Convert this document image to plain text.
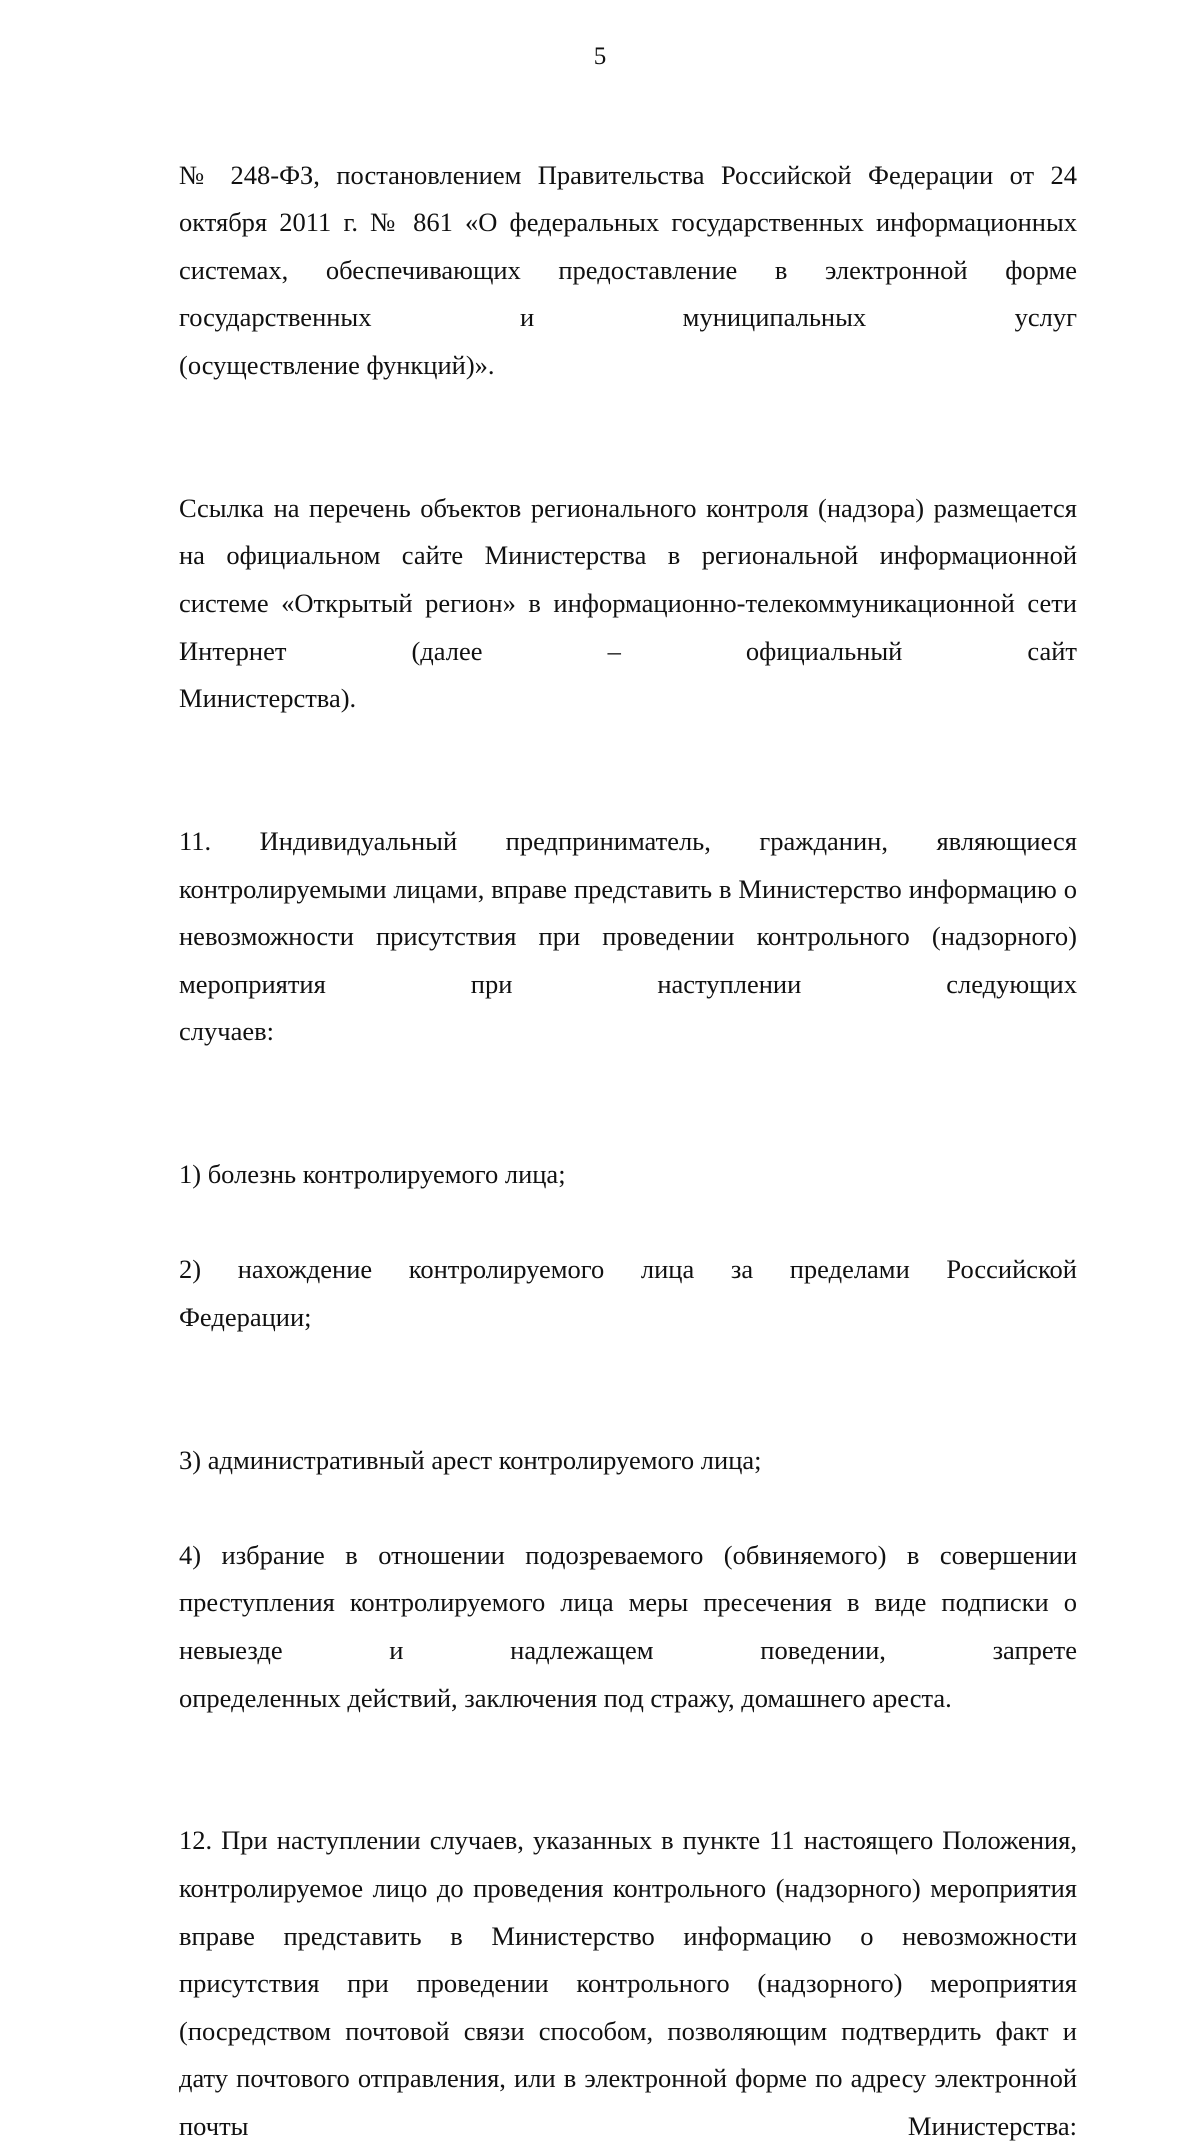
5

№ 248-ФЗ, постановлением Правительства Российской Федерации от 24 октября 2011 г. № 861 «О федеральных государственных информационных системах, обеспечивающих предоставление в электронной форме государственных и муниципальных услуг

(осуществление функций)».

Ссылка на перечень объектов регионального контроля (надзора) размещается на официальном сайте Министерства в региональной информационной системе «Открытый регион» в информационно-телекоммуникационной сети Интернет (далее – официальный сайт

Министерства).

11. Индивидуальный предприниматель, гражданин, являющиеся контролируемыми лицами, вправе представить в Министерство информацию о невозможности присутствия при проведении контрольного (надзорного) мероприятия при наступлении следующих

случаев:

1) болезнь контролируемого лица;

2) нахождение контролируемого лица за пределами Российской

Федерации;

3) административный арест контролируемого лица;

4) избрание в отношении подозреваемого (обвиняемого) в совершении преступления контролируемого лица меры пресечения в виде подписки о невыезде и надлежащем поведении, запрете

определенных действий, заключения под стражу, домашнего ареста.

12. При наступлении случаев, указанных в пункте 11 настоящего Положения, контролируемое лицо до проведения контрольного (надзорного) мероприятия вправе представить в Министерство информацию о невозможности присутствия при проведении контрольного (надзорного) мероприятия (посредством почтовой связи способом, позволяющим подтвердить факт и дату почтового отправления, или в электронной форме по адресу электронной почты Министерства:
